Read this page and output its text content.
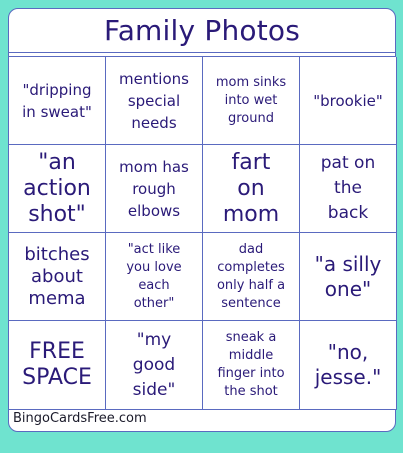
Family Photos
"dripping
in sweat"
mentions
special
needs
mom sinks
into wet
ground
"brookie"
"an
action
shot"
mom has
rough
elbows
fart
on
mom
pat on
the
back
bitches
about
mema
"act like
you love
each
other"
dad
completes
only half a
sentence
"a silly
one"
FREE
SPACE
"my
good
side"
sneak a
middle
finger into
the shot
"no,
jesse."
BingoCardsFree.com
